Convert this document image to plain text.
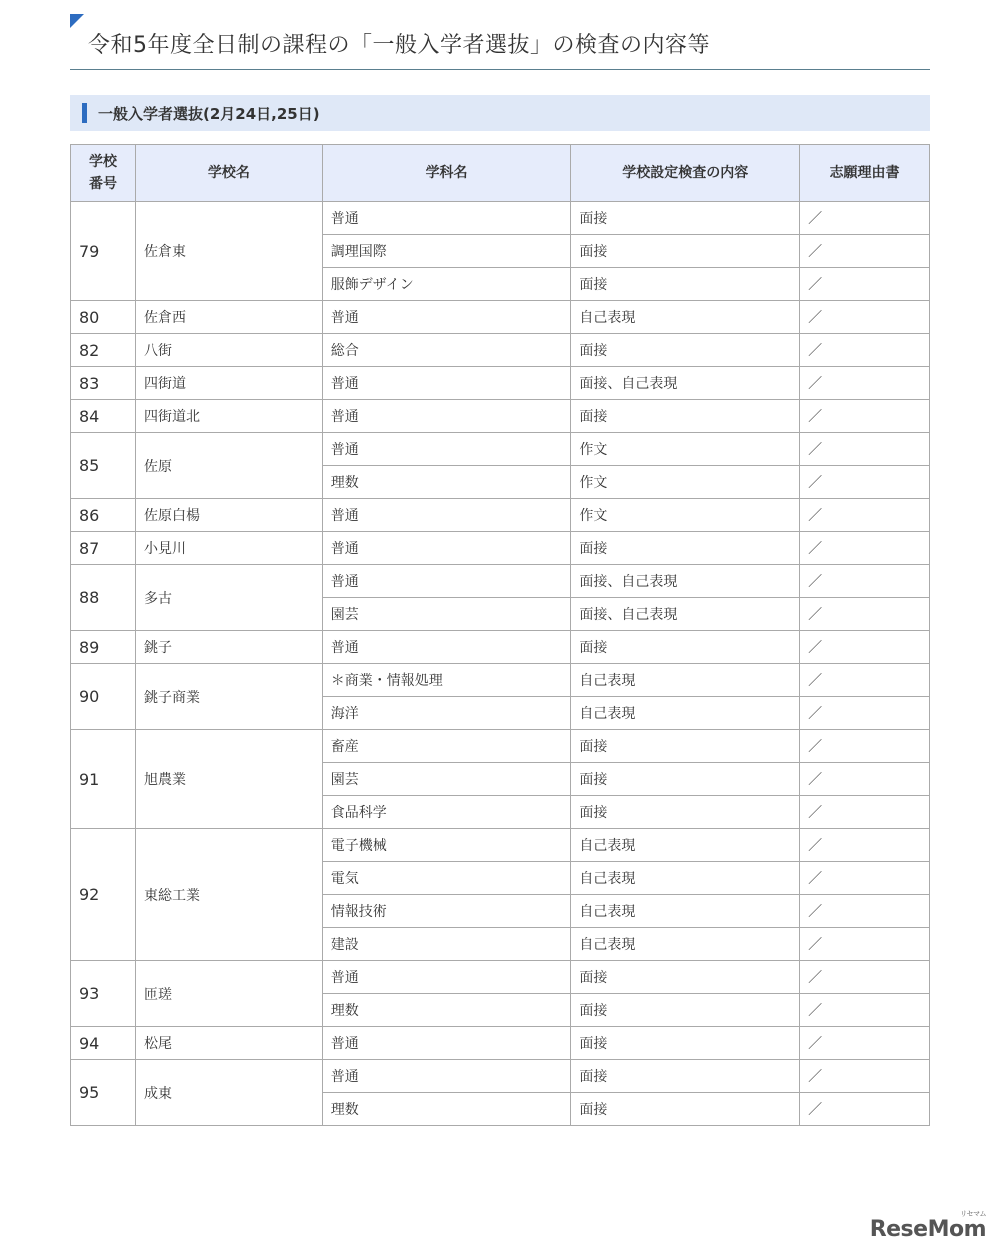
令和5年度全日制の課程の「一般入学者選抜」の検査の内容等
一般入学者選抜(2月24日,25日)
学校
番号	学校名	学科名	学校設定検査の内容	志願理由書
79	佐倉東	普通	面接	／
		調理国際	面接	／
		服飾デザイン	面接	／
80	佐倉西	普通	自己表現	／
82	八街	総合	面接	／
83	四街道	普通	面接、自己表現	／
84	四街道北	普通	面接	／
85	佐原	普通	作文	／
		理数	作文	／
86	佐原白楊	普通	作文	／
87	小見川	普通	面接	／
88	多古	普通	面接、自己表現	／
		園芸	面接、自己表現	／
89	銚子	普通	面接	／
90	銚子商業	＊商業・情報処理	自己表現	／
		海洋	自己表現	／
91	旭農業	畜産	面接	／
		園芸	面接	／
		食品科学	面接	／
92	東総工業	電子機械	自己表現	／
		電気	自己表現	／
		情報技術	自己表現	／
		建設	自己表現	／
93	匝瑳	普通	面接	／
		理数	面接	／
94	松尾	普通	面接	／
95	成東	普通	面接	／
		理数	面接	／
ReseMom
リセマム
